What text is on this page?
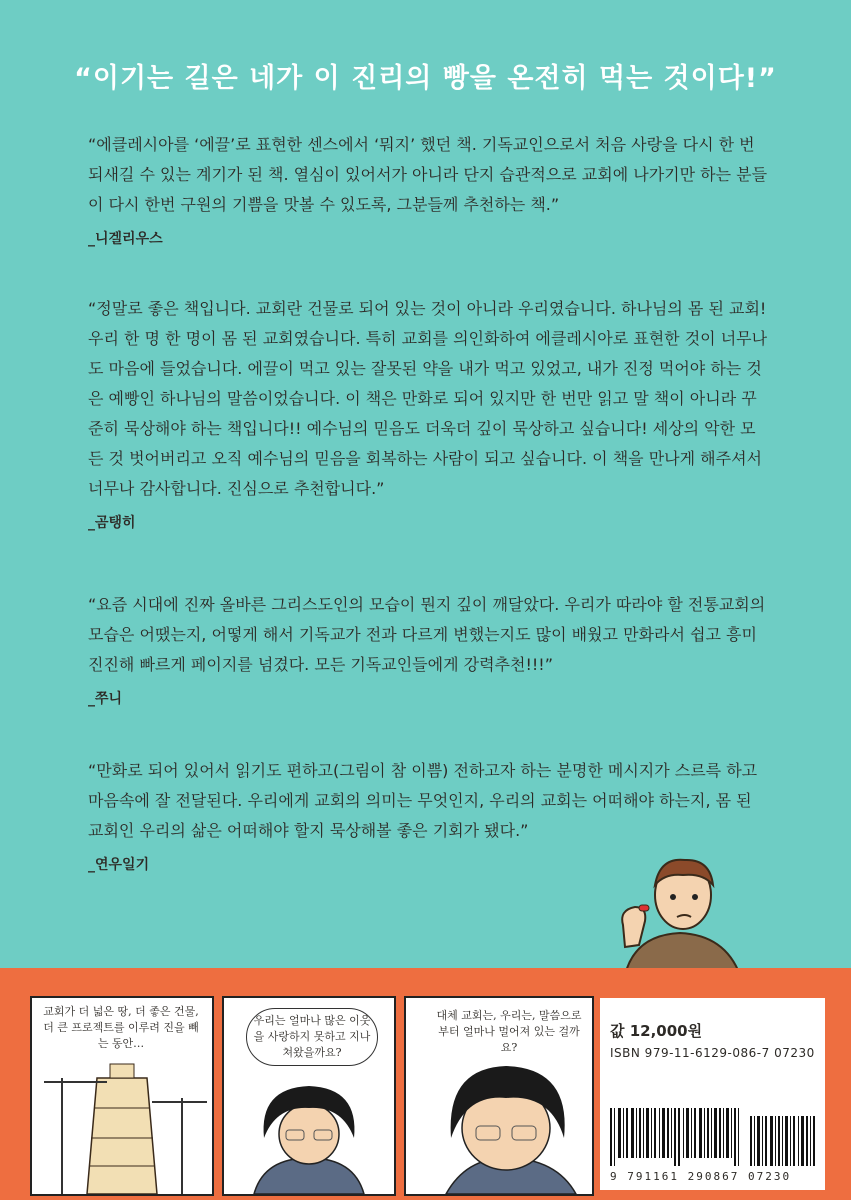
“이기는 길은 네가 이 진리의 빵을 온전히 먹는 것이다!”

“에클레시아를 ‘에끌’로 표현한 센스에서 ‘뭐지’ 했던 책. 기독교인으로서 처음 사랑을 다시 한 번 되새길 수 있는 계기가 된 책. 열심이 있어서가 아니라 단지 습관적으로 교회에 나가기만 하는 분들이 다시 한번 구원의 기쁨을 맛볼 수 있도록, 그분들께 추천하는 책.”

_니겔리우스

“정말로 좋은 책입니다. 교회란 건물로 되어 있는 것이 아니라 우리였습니다. 하나님의 몸 된 교회! 우리 한 명 한 명이 몸 된 교회였습니다. 특히 교회를 의인화하여 에클레시아로 표현한 것이 너무나도 마음에 들었습니다. 에끌이 먹고 있는 잘못된 약을 내가 먹고 있었고, 내가 진정 먹어야 하는 것은 예빵인 하나님의 말씀이었습니다. 이 책은 만화로 되어 있지만 한 번만 읽고 말 책이 아니라 꾸준히 묵상해야 하는 책입니다!! 예수님의 믿음도 더욱더 깊이 묵상하고 싶습니다! 세상의 악한 모든 것 벗어버리고 오직 예수님의 믿음을 회복하는 사람이 되고 싶습니다. 이 책을 만나게 해주셔서 너무나 감사합니다. 진심으로 추천합니다.”

_곰탱히

“요즘 시대에 진짜 올바른 그리스도인의 모습이 뭔지 깊이 깨달았다. 우리가 따라야 할 전통교회의 모습은 어땠는지, 어떻게 해서 기독교가 전과 다르게 변했는지도 많이 배웠고 만화라서 쉽고 흥미진진해 빠르게 페이지를 넘겼다. 모든 기독교인들에게 강력추천!!!”

_쭈니

“만화로 되어 있어서 읽기도 편하고(그림이 참 이쁨) 전하고자 하는 분명한 메시지가 스르륵 하고 마음속에 잘 전달된다. 우리에게 교회의 의미는 무엇인지, 우리의 교회는 어떠해야 하는지, 몸 된 교회인 우리의 삶은 어떠해야 할지 묵상해볼 좋은 기회가 됐다.”

_연우일기
교회가 더 넓은 땅, 더 좋은 건물, 더 큰 프로젝트를 이루려 진을 빼는 동안…
우리는 얼마나 많은 이웃을 사랑하지 못하고 지나쳐왔을까요?
대체 교회는, 우리는, 말씀으로부터 얼마나 멀어져 있는 걸까요?
값 12,000원
ISBN 979-11-6129-086-7 07230
9 791161 290867 07230
